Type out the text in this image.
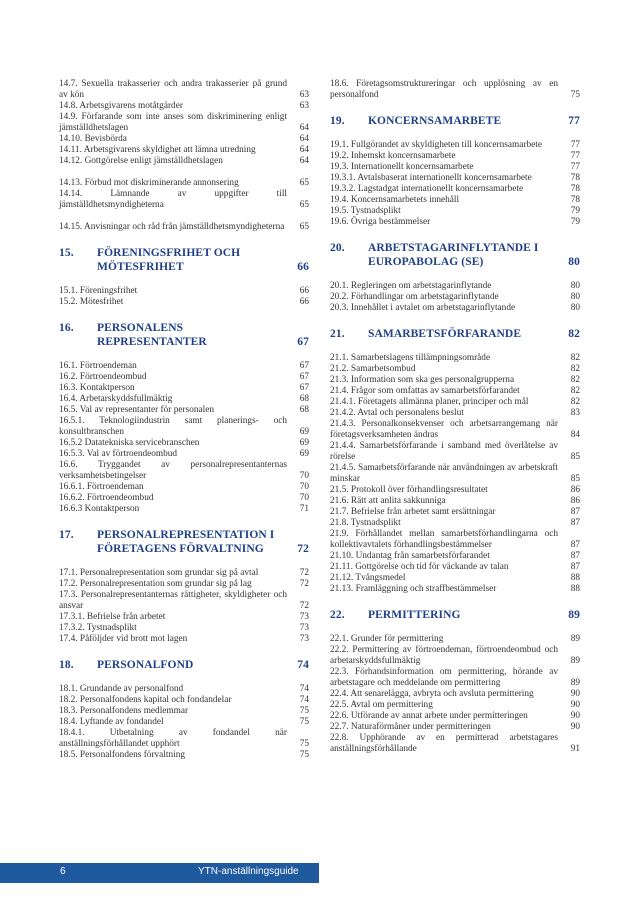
14.7. Sexuella trakasserier och andra trakasserier på grund av kön	63
14.8. Arbetsgivarens motåtgärder	63
14.9. Förfarande som inte anses som diskriminering enligt jämställdhetslagen	64
14.10. Bevisbörda	64
14.11. Arbetsgivarens skyldighet att lämna utredning	64
14.12. Gottgörelse enligt jämställdhetslagen	64
14.13. Förbud mot diskriminerande annonsering	65
14.14. Lämnande av uppgifter till jämställdhetsmyndigheterna	65
14.15. Anvisningar och råd från jämställdhetsmyndigheterna	65
15. FÖRENINGSFRIHET OCH MÖTESFRIHET	66
15.1. Föreningsfrihet	66
15.2. Mötesfrihet	66
16. PERSONALENS REPRESENTANTER	67
16.1. Förtroendeman	67
16.2. Förtroendeombud	67
16.3. Kontaktperson	67
16.4. Arbetarskyddsfullmäktig	68
16.5. Val av representanter för personalen	68
16.5.1. Teknologiindustrin samt planerings- och konsultbranschen	69
16.5.2 Datatekniska servicebranschen	69
16.5.3. Val av förtroendeombud	69
16.6. Tryggandet av personalrepresentanternas verksamhetsbetingelser	70
16.6.1. Förtroendeman	70
16.6.2. Förtroendeombud	70
16.6.3 Kontaktperson	71
17. PERSONALREPRESENTATION I FÖRETAGENS FÖRVALTNING	72
17.1. Personalrepresentation som grundar sig på avtal	72
17.2. Personalrepresentation som grundar sig på lag	72
17.3. Personalrepresentanternas rättigheter, skyldigheter och ansvar	72
17.3.1. Befrielse från arbetet	73
17.3.2. Tystnadsplikt	73
17.4. Påföljder vid brott mot lagen	73
18. PERSONALFOND	74
18.1. Grundande av personalfond	74
18.2. Personalfondens kapital och fondandelar	74
18.3. Personalfondens medlemmar	75
18.4. Lyftande av fondandel	75
18.4.1. Utbetalning av fondandel när anställningsförhållandet upphört	75
18.5. Personalfondens förvaltning	75
18.6. Företagsomstruktureringar och upplösning av en personalfond	75
19. KONCERNSAMARBETE	77
19.1. Fullgörandet av skyldigheten till koncernsamarbete	77
19.2. Inhemskt koncernsamarbete	77
19.3. Internationellt koncernsamarbete	77
19.3.1. Avtalsbaserat internationellt koncernsamarbete	78
19.3.2. Lagstadgat internationellt koncernsamarbete	78
19.4. Koncernsamarbetets innehåll	78
19.5. Tystnadsplikt	79
19.6. Övriga bestämmelser	79
20. ARBETSTAGARINFLYTANDE I EUROPABOLAG (SE)	80
20.1. Regleringen om arbetstagarinflytande	80
20.2. Förhandlingar om arbetstagarinflytande	80
20.3. Innehållet i avtalet om arbetstagarinflytande	80
21. SAMARBETSFÖRFARANDE	82
21.1. Samarbetslagens tillämpningsområde	82
21.2. Samarbetsombud	82
21.3. Information som ska ges personalgrupperna	82
21.4. Frågor som omfattas av samarbetsförfarandet	82
21.4.1. Företagets allmänna planer, principer och mål	82
21.4.2. Avtal och personalens beslut	83
21.4.3. Personalkonsekvenser och arbetsarrangemang när företagsverksamheten ändras	84
21.4.4. Samarbetsförfarande i samband med överlåtelse av rörelse	85
21.4.5. Samarbetsförfarande när användningen av arbetskraft minskar	85
21.5. Protokoll över förhandlingsresultatet	86
21.6. Rätt att anlita sakkunniga	86
21.7. Befrielse från arbetet samt ersättningar	87
21.8. Tystnadsplikt	87
21.9. Förhållandet mellan samarbetsförhandlingarna och kollektivavtalets förhandlingsbestämmelser	87
21.10. Undantag från samarbetsförfarandet	87
21.11. Gottgörelse och tid för väckande av talan	87
21.12. Tvångsmedel	88
21.13. Framläggning och straffbestämmelser	88
22. PERMITTERING	89
22.1. Grunder för permittering	89
22.2. Permittering av förtroendeman, förtroendeombud och arbetarskyddsfullmäktig	89
22.3. Förhandsinformation om permittering, hörande av arbetstagare och meddelande om permittering	89
22.4. Att senarelägga, avbryta och avsluta permittering	90
22.5. Avtal om permittering	90
22.6. Utförande av annat arbete under permitteringen	90
22.7. Naturaförmåner under permitteringen	90
22.8. Upphörande av en permitterad arbetstagares anställningsförhållande	91
6	YTN-anställningsguide
